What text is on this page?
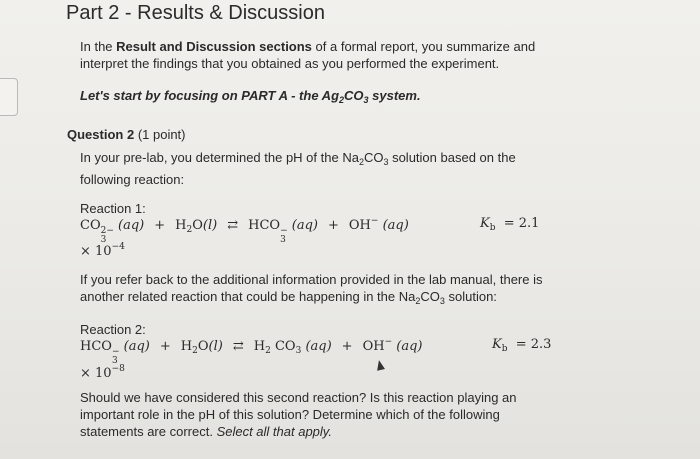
Part 2 - Results & Discussion
In the Result and Discussion sections of a formal report, you summarize and interpret the findings that you obtained as you performed the experiment.
Let's start by focusing on PART A - the $Ag_2CO_3$ system.
Question 2 (1 point)
In your pre-lab, you determined the pH of the $Na_2CO_3$ solution based on the following reaction:
Reaction 1:
CO 2−
3
$(aq) + H_2O(l)$ ⇄ HCO −
3
(aq) + OH− (aq)	$K_b = 2.1$
× $10^{-4}$
If you refer back to the additional information provided in the lab manual, there is another related reaction that could be happening in the $Na_2CO_3$ solution:
Reaction 2:
HCO −
3
$(aq) + H_2O(l)$ ⇄ $H_2$ $CO_3$ (aq) + OH− (aq)	$K_b = 2.3$
× $10^{-8}$
Should we have considered this second reaction? Is this reaction playing an important role in the pH of this solution? Determine which of the following statements are correct. Select all that apply.
